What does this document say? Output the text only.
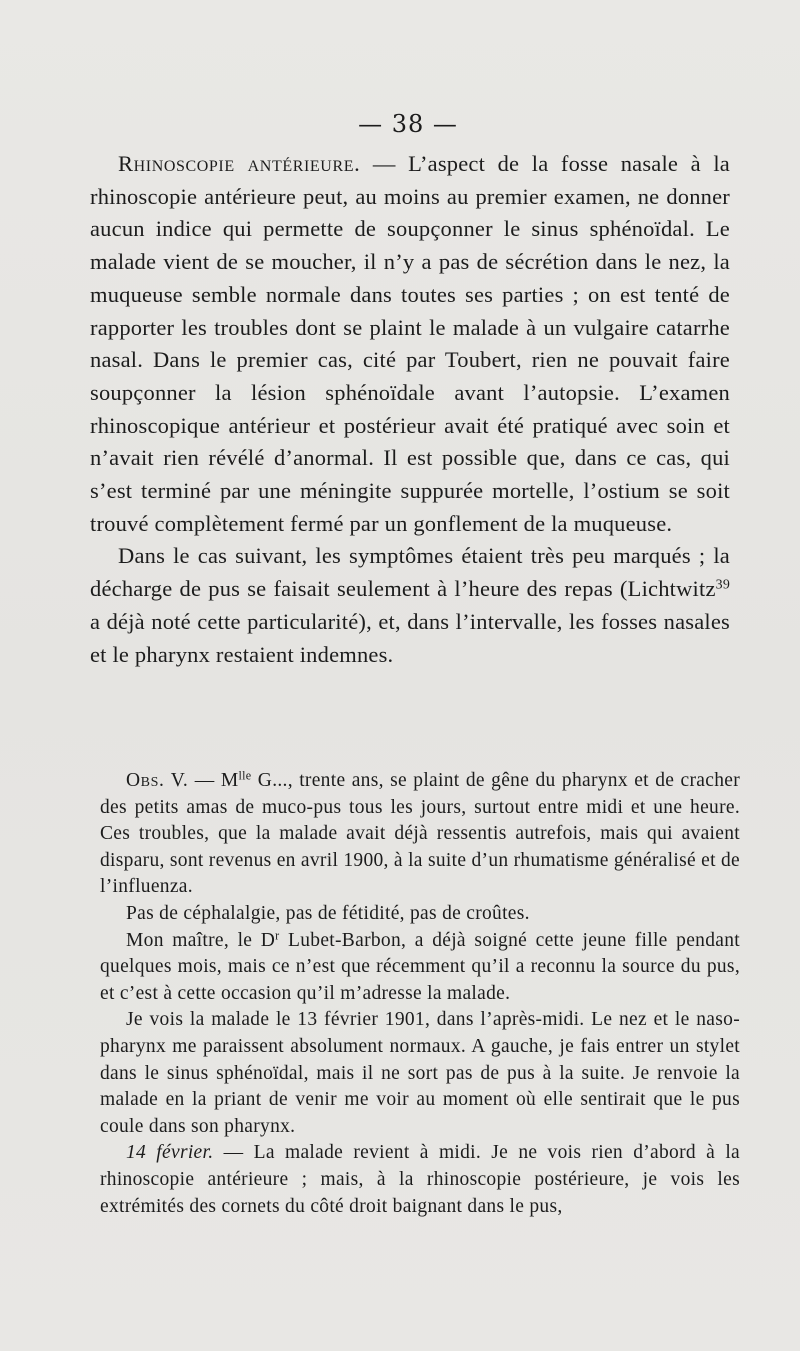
— 38 —

Rhinoscopie antérieure. — L’aspect de la fosse nasale à la rhinoscopie antérieure peut, au moins au premier examen, ne donner aucun indice qui permette de soupçonner le sinus sphénoïdal. Le malade vient de se moucher, il n’y a pas de sécrétion dans le nez, la muqueuse semble normale dans toutes ses parties ; on est tenté de rapporter les troubles dont se plaint le malade à un vulgaire catarrhe nasal. Dans le premier cas, cité par Toubert, rien ne pouvait faire soupçonner la lésion sphénoïdale avant l’autopsie. L’examen rhinoscopique antérieur et postérieur avait été pratiqué avec soin et n’avait rien révélé d’anormal. Il est possible que, dans ce cas, qui s’est terminé par une méningite suppurée mortelle, l’ostium se soit trouvé complètement fermé par un gonflement de la muqueuse.

Dans le cas suivant, les symptômes étaient très peu marqués ; la décharge de pus se faisait seulement à l’heure des repas (Lichtwitz$^{39}$ a déjà noté cette particularité), et, dans l’intervalle, les fosses nasales et le pharynx restaient indemnes.

Obs. V. — $M^{lle}$ G..., trente ans, se plaint de gêne du pharynx et de cracher des petits amas de muco-pus tous les jours, surtout entre midi et une heure. Ces troubles, que la malade avait déjà ressentis autrefois, mais qui avaient disparu, sont revenus en avril 1900, à la suite d’un rhumatisme généralisé et de l’influenza.

Pas de céphalalgie, pas de fétidité, pas de croûtes.

Mon maître, le $D^r$ Lubet-Barbon, a déjà soigné cette jeune fille pendant quelques mois, mais ce n’est que récemment qu’il a reconnu la source du pus, et c’est à cette occasion qu’il m’adresse la malade.

Je vois la malade le 13 février 1901, dans l’après-midi. Le nez et le naso-pharynx me paraissent absolument normaux. A gauche, je fais entrer un stylet dans le sinus sphénoïdal, mais il ne sort pas de pus à la suite. Je renvoie la malade en la priant de venir me voir au moment où elle sentirait que le pus coule dans son pharynx.

14 février. — La malade revient à midi. Je ne vois rien d’abord à la rhinoscopie antérieure ; mais, à la rhinoscopie postérieure, je vois les extrémités des cornets du côté droit baignant dans le pus,
